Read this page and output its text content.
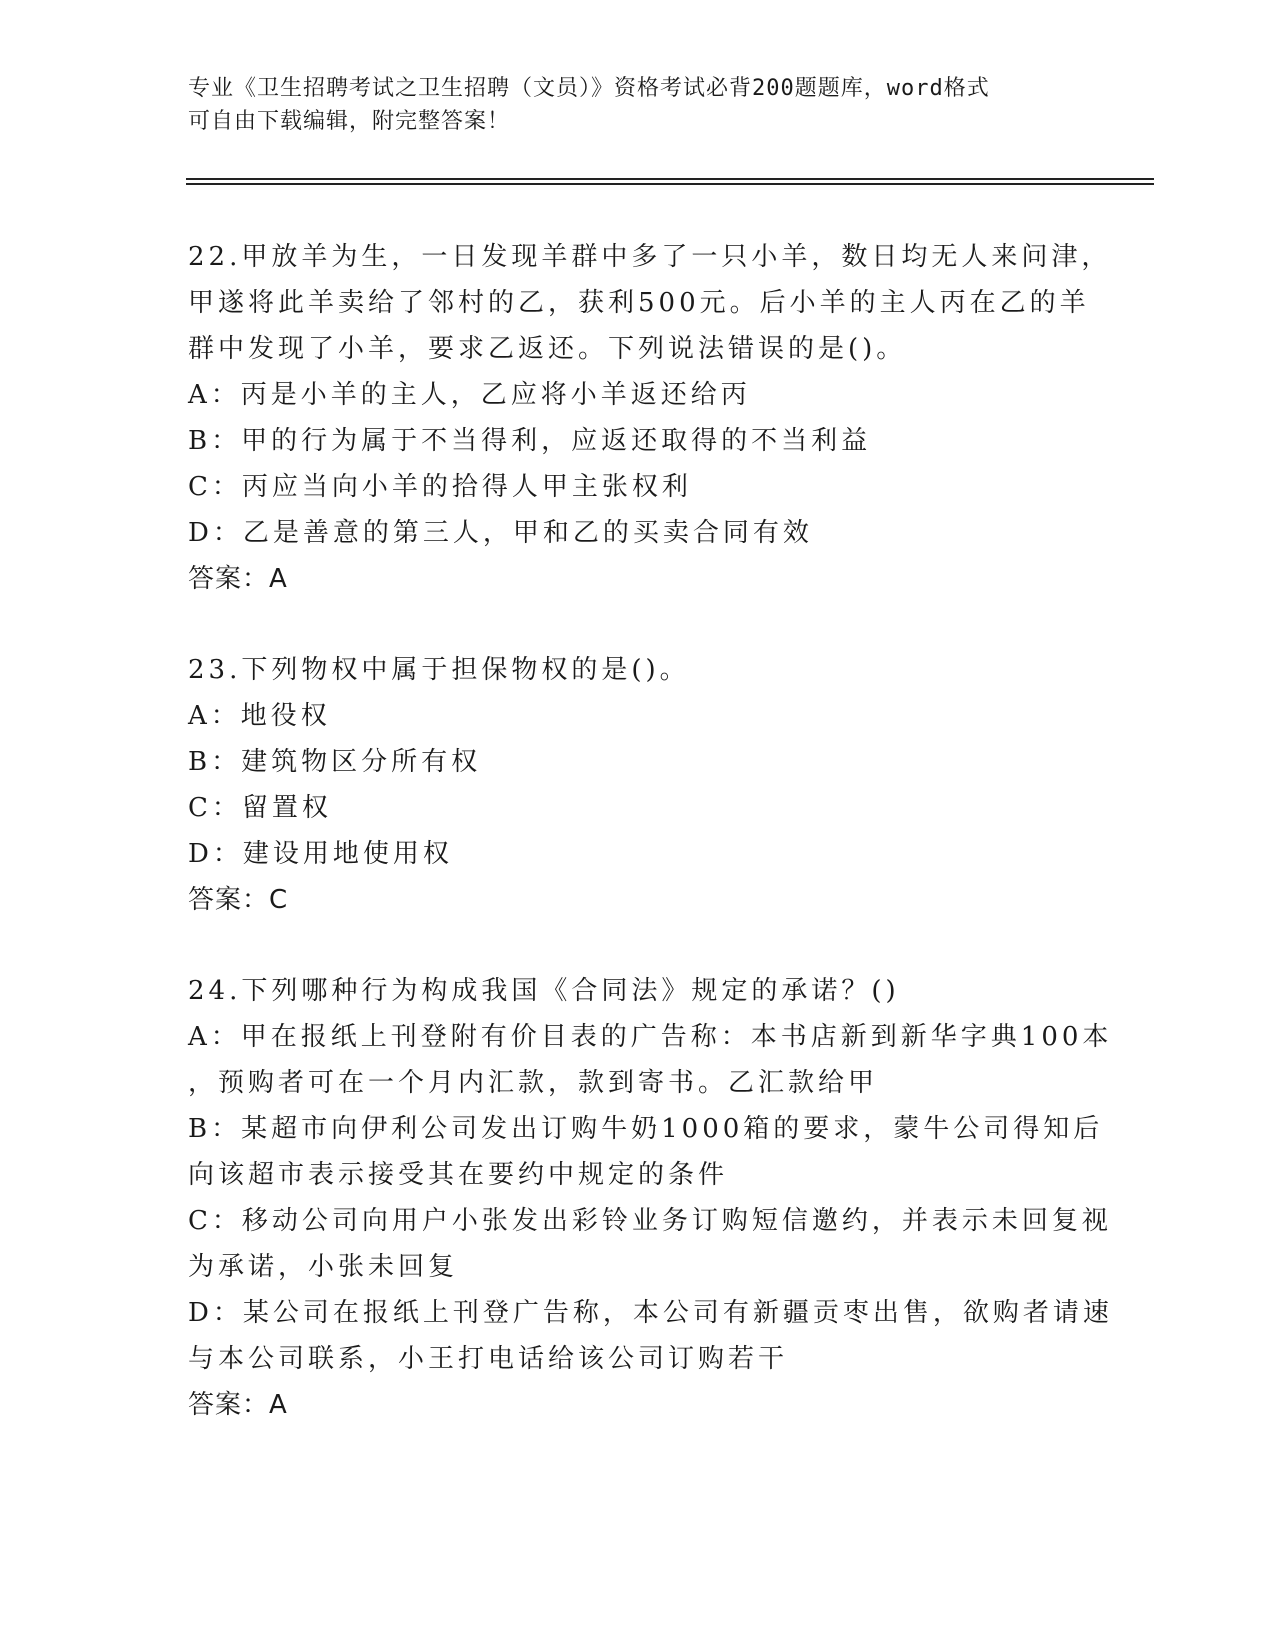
专业《卫生招聘考试之卫生招聘（文员）》资格考试必背200题题库，word格式
可自由下载编辑，附完整答案！
22.甲放羊为生，一日发现羊群中多了一只小羊，数日均无人来问津，
甲遂将此羊卖给了邻村的乙，获利500元。后小羊的主人丙在乙的羊
群中发现了小羊，要求乙返还。下列说法错误的是()。
A：丙是小羊的主人，乙应将小羊返还给丙
B：甲的行为属于不当得利，应返还取得的不当利益
C：丙应当向小羊的拾得人甲主张权利
D：乙是善意的第三人，甲和乙的买卖合同有效
答案：A
23.下列物权中属于担保物权的是()。
A：地役权
B：建筑物区分所有权
C：留置权
D：建设用地使用权
答案：C
24.下列哪种行为构成我国《合同法》规定的承诺？()
A：甲在报纸上刊登附有价目表的广告称：本书店新到新华字典100本
，预购者可在一个月内汇款，款到寄书。乙汇款给甲
B：某超市向伊利公司发出订购牛奶1000箱的要求，蒙牛公司得知后
向该超市表示接受其在要约中规定的条件
C：移动公司向用户小张发出彩铃业务订购短信邀约，并表示未回复视
为承诺，小张未回复
D：某公司在报纸上刊登广告称，本公司有新疆贡枣出售，欲购者请速
与本公司联系，小王打电话给该公司订购若干
答案：A
